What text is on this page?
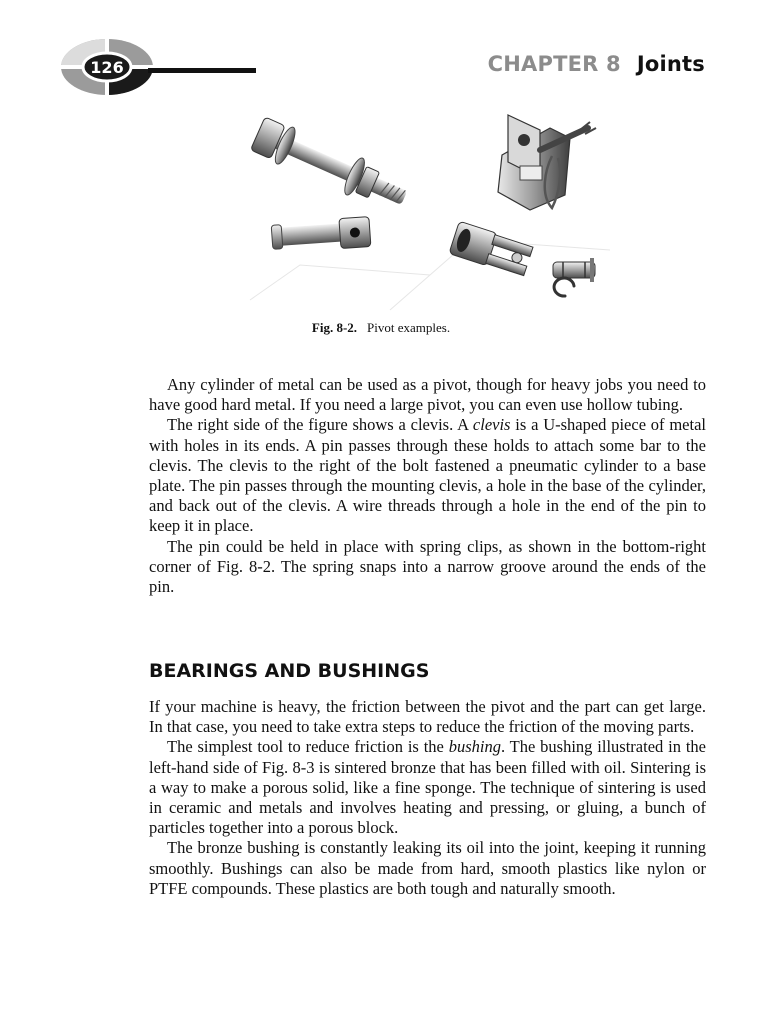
126	CHAPTER 8 Joints
Fig. 8-2. Pivot examples.

Any cylinder of metal can be used as a pivot, though for heavy jobs you need to have good hard metal. If you need a large pivot, you can even use hollow tubing.

The right side of the figure shows a clevis. A clevis is a U-shaped piece of metal with holes in its ends. A pin passes through these holds to attach some bar to the clevis. The clevis to the right of the bolt fastened a pneumatic cylinder to a base plate. The pin passes through the mounting clevis, a hole in the base of the cylinder, and back out of the clevis. A wire threads through a hole in the end of the pin to keep it in place.

The pin could be held in place with spring clips, as shown in the bottom-right corner of Fig. 8-2. The spring snaps into a narrow groove around the ends of the pin.

BEARINGS AND BUSHINGS

If your machine is heavy, the friction between the pivot and the part can get large. In that case, you need to take extra steps to reduce the friction of the moving parts.

The simplest tool to reduce friction is the bushing. The bushing illustrated in the left-hand side of Fig. 8-3 is sintered bronze that has been filled with oil. Sintering is a way to make a porous solid, like a fine sponge. The technique of sintering is used in ceramic and metals and involves heating and pressing, or gluing, a bunch of particles together into a porous block.

The bronze bushing is constantly leaking its oil into the joint, keeping it running smoothly. Bushings can also be made from hard, smooth plastics like nylon or PTFE compounds. These plastics are both tough and naturally smooth.
